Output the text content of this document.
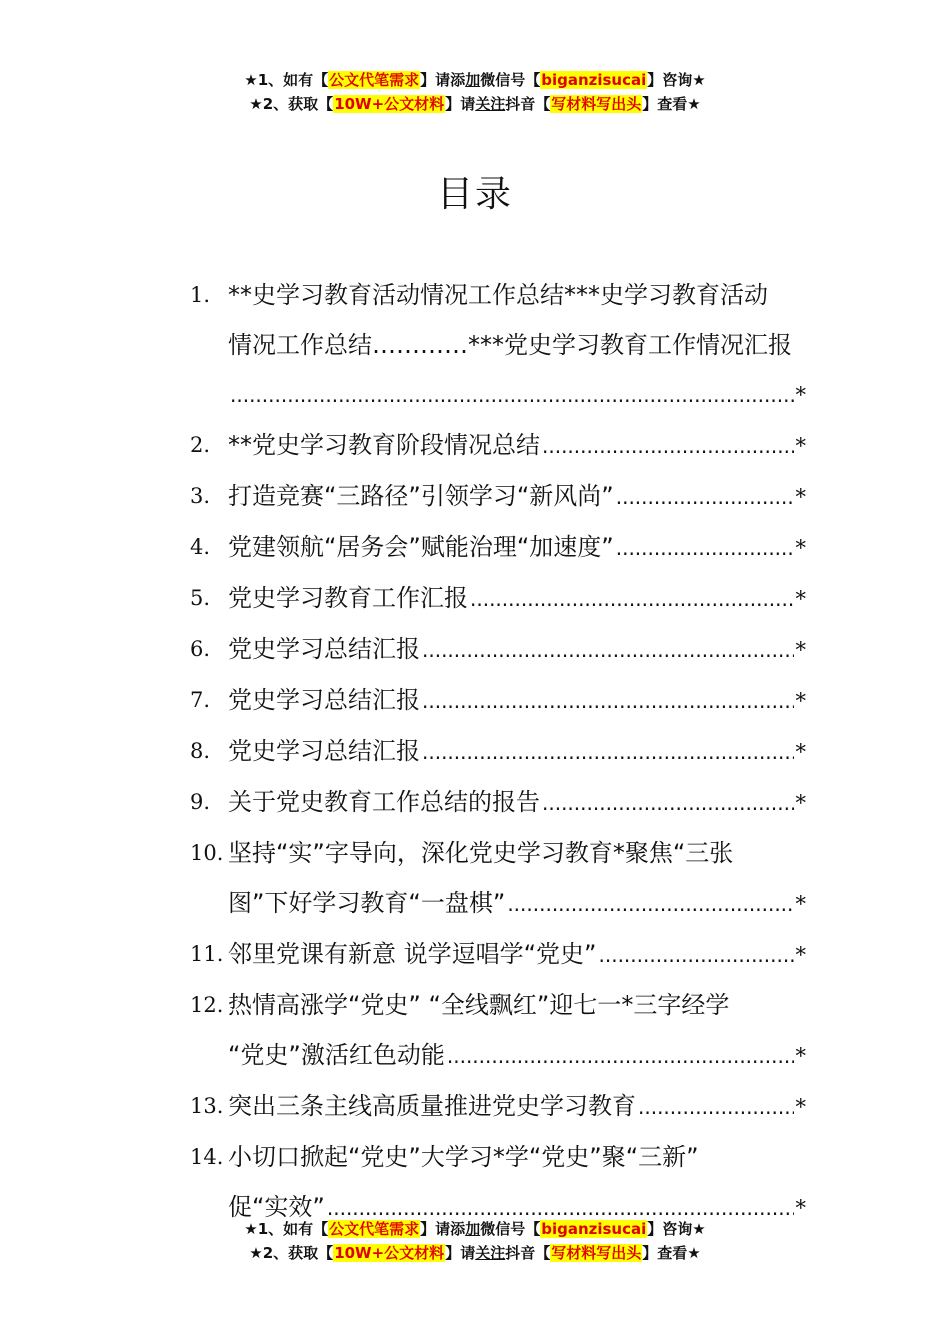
★1、如有【公文代笔需求】请添加微信号【biganzisucai】咨询★
★2、获取【10W+公文材料】请关注抖音【写材料写出头】查看★
目录
1. **史学习教育活动情况工作总结***史学习教育活动
情况工作总结…………***党史学习教育工作情况汇报
.....
*
2. **党史学习教育阶段情况总结 .....	*
3. 打造竞赛“三路径”引领学习“新风尚” .....	*
4. 党建领航“居务会”赋能治理“加速度” .....	*
5. 党史学习教育工作汇报 .....	*
6. 党史学习总结汇报 .....	*
7. 党史学习总结汇报 .....	*
8. 党史学习总结汇报 .....	*
9. 关于党史教育工作总结的报告 .....	*
10. 坚持“实”字导向，深化党史学习教育*聚焦“三张
图”下好学习教育“一盘棋” .....	*
11. 邻里党课有新意 说学逗唱学“党史” .....	*
12. 热情高涨学“党史” “全线飘红”迎七一*三字经学
“党史”激活红色动能 .....	*
13. 突出三条主线高质量推进党史学习教育 .....	*
14. 小切口掀起“党史”大学习*学“党史”聚“三新”
促“实效” .....	*
★1、如有【公文代笔需求】请添加微信号【biganzisucai】咨询★
★2、获取【10W+公文材料】请关注抖音【写材料写出头】查看★
